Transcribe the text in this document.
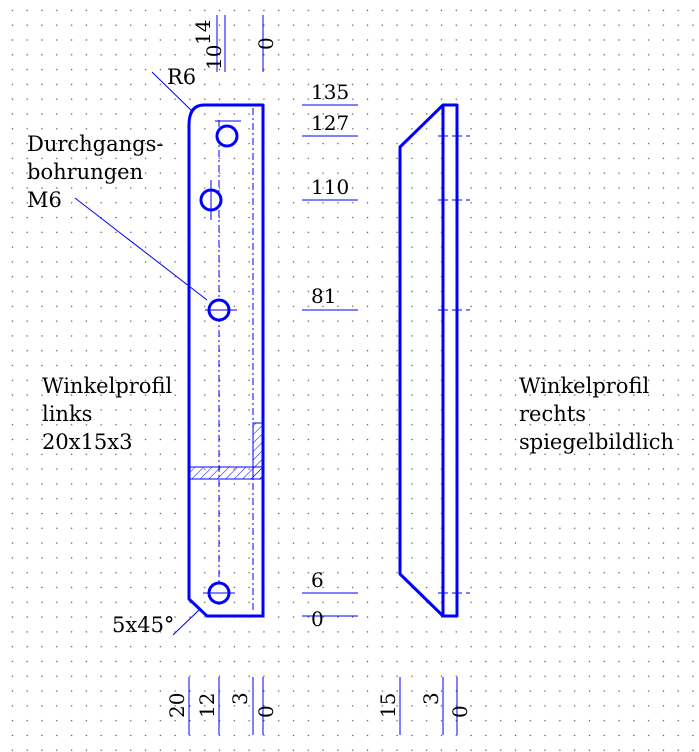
14
10
0
135
127
110
81
6
0
R6
Durchgangs-
bohrungen
M6
5x45°
Winkelprofil
links
20x15x3
Winkelprofil
rechts
spiegelbildlich
20 12 3
0	15 3
0
